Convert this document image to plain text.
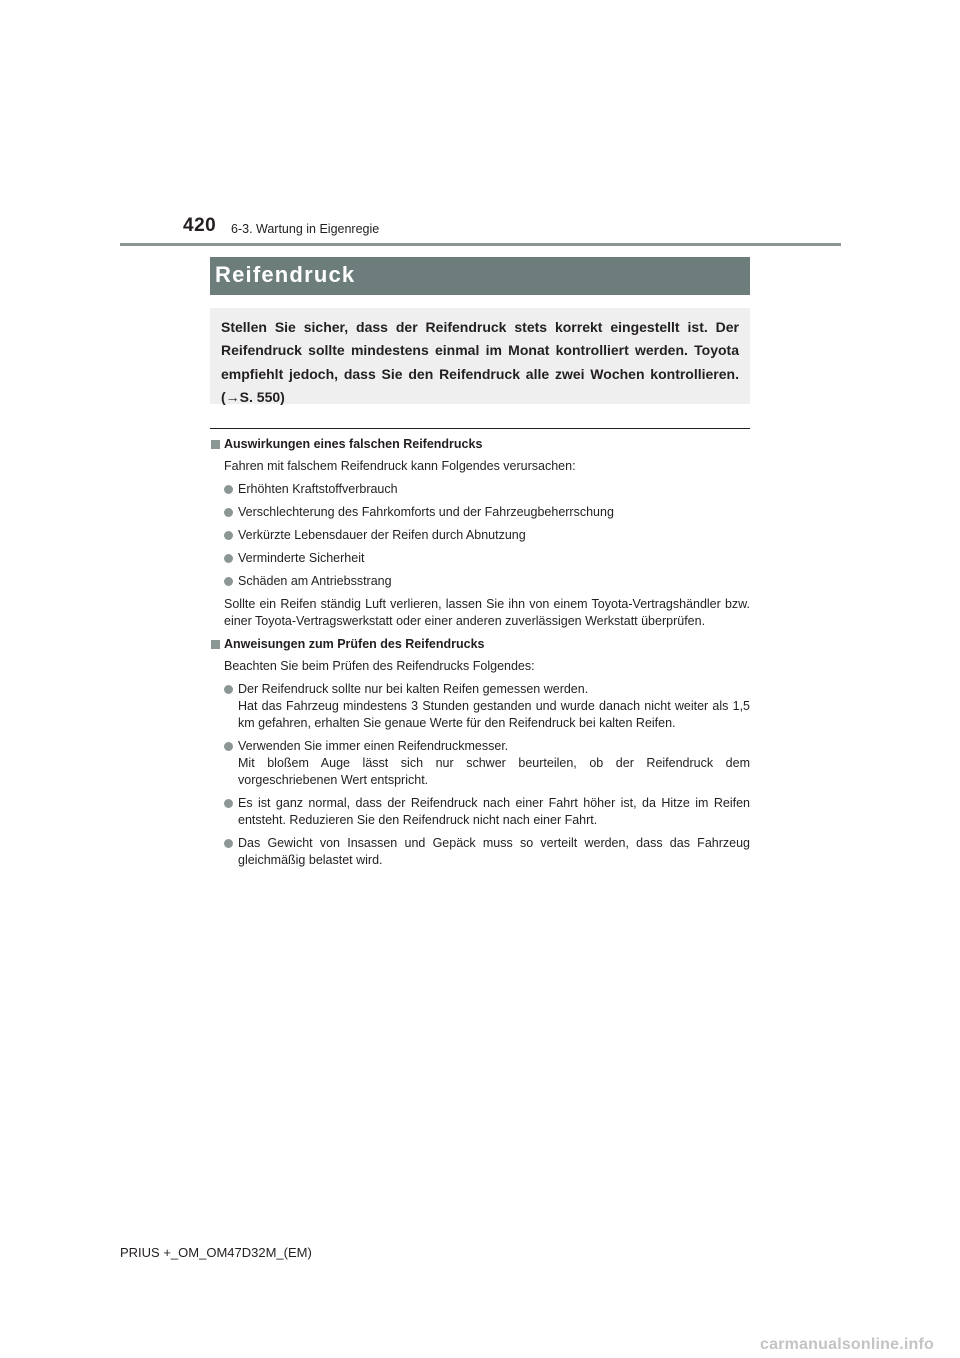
420 6-3. Wartung in Eigenregie
Reifendruck
Stellen Sie sicher, dass der Reifendruck stets korrekt eingestellt ist. Der Reifendruck sollte mindestens einmal im Monat kontrolliert werden. Toyota empfiehlt jedoch, dass Sie den Reifendruck alle zwei Wochen kontrollieren. (→S. 550)
Auswirkungen eines falschen Reifendrucks
Fahren mit falschem Reifendruck kann Folgendes verursachen:
Erhöhten Kraftstoffverbrauch
Verschlechterung des Fahrkomforts und der Fahrzeugbeherrschung
Verkürzte Lebensdauer der Reifen durch Abnutzung
Verminderte Sicherheit
Schäden am Antriebsstrang
Sollte ein Reifen ständig Luft verlieren, lassen Sie ihn von einem Toyota-Vertragshändler bzw. einer Toyota-Vertragswerkstatt oder einer anderen zuverlässigen Werkstatt überprüfen.
Anweisungen zum Prüfen des Reifendrucks
Beachten Sie beim Prüfen des Reifendrucks Folgendes:
Der Reifendruck sollte nur bei kalten Reifen gemessen werden.
Hat das Fahrzeug mindestens 3 Stunden gestanden und wurde danach nicht weiter als 1,5 km gefahren, erhalten Sie genaue Werte für den Reifendruck bei kalten Reifen.
Verwenden Sie immer einen Reifendruckmesser.
Mit bloßem Auge lässt sich nur schwer beurteilen, ob der Reifendruck dem vorgeschriebenen Wert entspricht.
Es ist ganz normal, dass der Reifendruck nach einer Fahrt höher ist, da Hitze im Reifen entsteht. Reduzieren Sie den Reifendruck nicht nach einer Fahrt.
Das Gewicht von Insassen und Gepäck muss so verteilt werden, dass das Fahrzeug gleichmäßig belastet wird.
PRIUS +_OM_OM47D32M_(EM)
carmanualsonline.info
